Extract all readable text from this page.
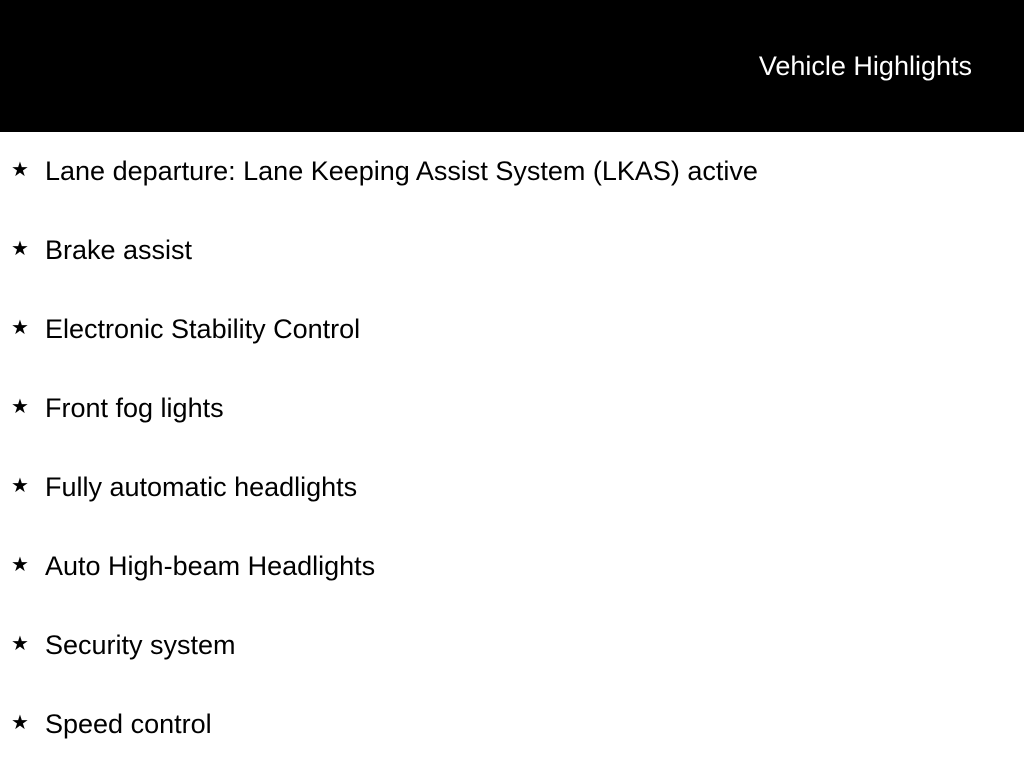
Vehicle Highlights
★ Lane departure: Lane Keeping Assist System (LKAS) active
★ Brake assist
★ Electronic Stability Control
★ Front fog lights
★ Fully automatic headlights
★ Auto High-beam Headlights
★ Security system
★ Speed control
